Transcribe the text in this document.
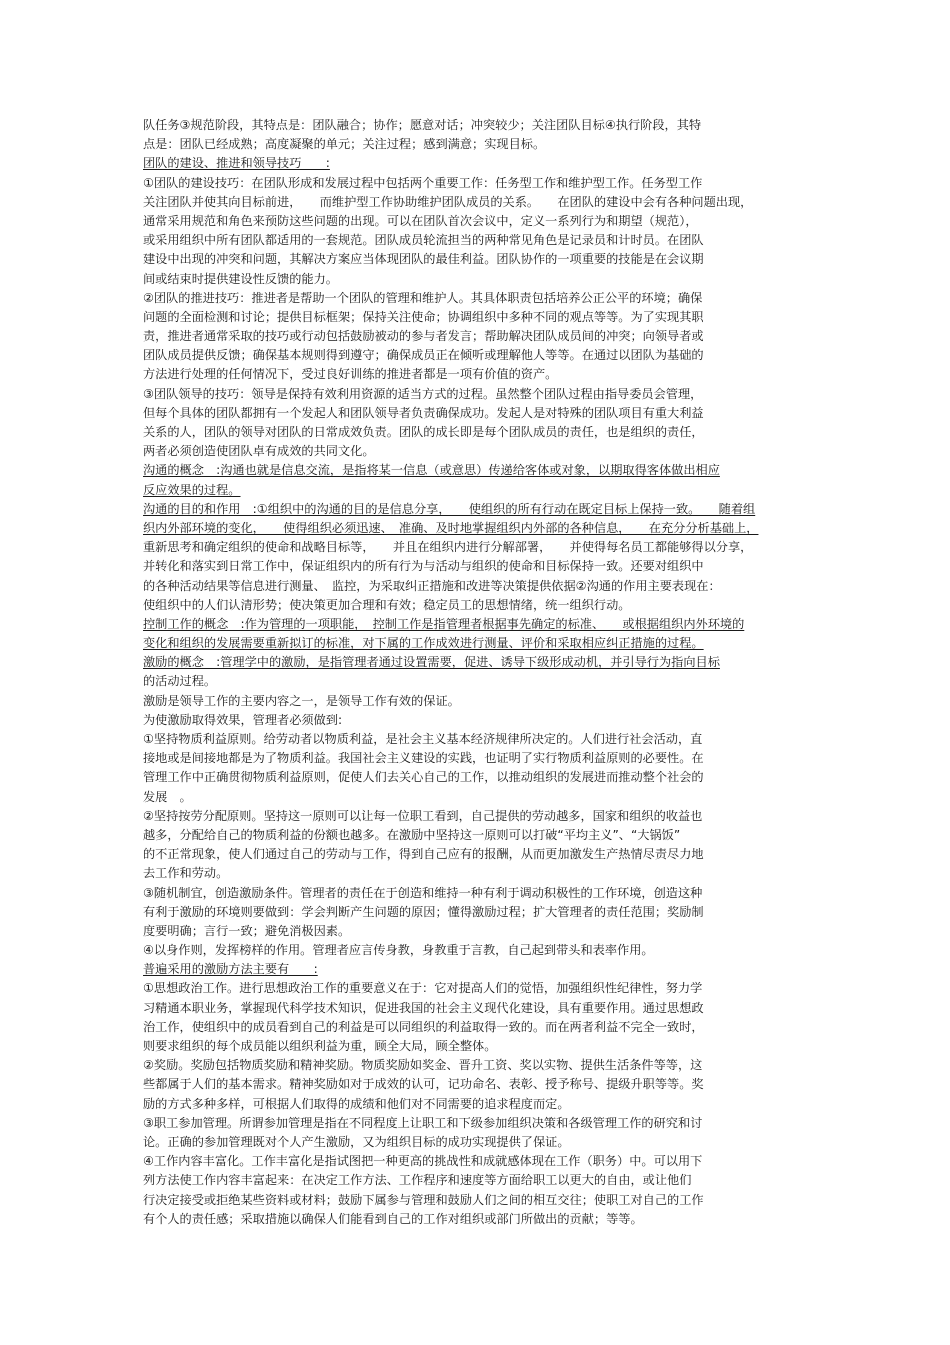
队任务③规范阶段，其特点是：团队融合；协作；愿意对话；冲突较少；关注团队目标④执行阶段，其特
点是：团队已经成熟；高度凝聚的单元；关注过程；感到满意；实现目标。
团队的建设、推进和领导技巧　　:
①团队的建设技巧：在团队形成和发展过程中包括两个重要工作：任务型工作和维护型工作。任务型工作
关注团队并使其向目标前进，　　而维护型工作协助维护团队成员的关系。　　在团队的建设中会有各种问题出现，
通常采用规范和角色来预防这些问题的出现。可以在团队首次会议中，定义一系列行为和期望（规范），
或采用组织中所有团队都适用的一套规范。团队成员轮流担当的两种常见角色是记录员和计时员。在团队
建设中出现的冲突和问题，其解决方案应当体现团队的最佳利益。团队协作的一项重要的技能是在会议期
间或结束时提供建设性反馈的能力。
②团队的推进技巧：推进者是帮助一个团队的管理和维护人。其具体职责包括培养公正公平的环境；确保
问题的全面检测和讨论；提供目标框架；保持关注使命；协调组织中多种不同的观点等等。为了实现其职
责，推进者通常采取的技巧或行动包括鼓励被动的参与者发言；帮助解决团队成员间的冲突；向领导者或
团队成员提供反馈；确保基本规则得到遵守；确保成员正在倾听或理解他人等等。在通过以团队为基础的
方法进行处理的任何情况下，受过良好训练的推进者都是一项有价值的资产。
③团队领导的技巧：领导是保持有效利用资源的适当方式的过程。虽然整个团队过程由指导委员会管理，
但每个具体的团队都拥有一个发起人和团队领导者负责确保成功。发起人是对特殊的团队项目有重大利益
关系的人，团队的领导对团队的日常成效负责。团队的成长即是每个团队成员的责任，也是组织的责任，
两者必须创造使团队卓有成效的共同文化。
沟通的概念　:沟通也就是信息交流，是指将某一信息（或意思）传递给客体或对象，以期取得客体做出相应
反应效果的过程。
沟通的目的和作用　:①组织中的沟通的目的是信息分享，　　使组织的所有行动在既定目标上保持一致。　　随着组
织内外部环境的变化，　　使得组织必须迅速、　准确、及时地掌握组织内外部的各种信息，　　在充分分析基础上，
重新思考和确定组织的使命和战略目标等，　　并且在组织内进行分解部署，　　并使得每名员工都能够得以分享，
并转化和落实到日常工作中，保证组织内的所有行为与活动与组织的使命和目标保持一致。还要对组织中
的各种活动结果等信息进行测量、　监控，为采取纠正措施和改进等决策提供依据②沟通的作用主要表现在：
使组织中的人们认清形势；使决策更加合理和有效；稳定员工的思想情绪，统一组织行动。
控制工作的概念　:作为管理的一项职能，　控制工作是指管理者根据事先确定的标准、　　或根据组织内外环境的
变化和组织的发展需要重新拟订的标准，对下属的工作成效进行测量、评价和采取相应纠正措施的过程。
激励的概念　:管理学中的激励，是指管理者通过设置需要，促进、诱导下级形成动机，并引导行为指向目标
的活动过程。
激励是领导工作的主要内容之一，是领导工作有效的保证。
为使激励取得效果，管理者必须做到:
①坚持物质利益原则。给劳动者以物质利益，是社会主义基本经济规律所决定的。人们进行社会活动，直
接地或是间接地都是为了物质利益。我国社会主义建设的实践，也证明了实行物质利益原则的必要性。在
管理工作中正确贯彻物质利益原则，促使人们去关心自己的工作，以推动组织的发展进而推动整个社会的
发展　。
②坚持按劳分配原则。坚持这一原则可以让每一位职工看到，自己提供的劳动越多，国家和组织的收益也
越多，分配给自己的物质利益的份额也越多。在激励中坚持这一原则可以打破“平均主义”、“大锅饭”
的不正常现象，使人们通过自己的劳动与工作，得到自己应有的报酬，从而更加激发生产热情尽责尽力地
去工作和劳动。
③随机制宜，创造激励条件。管理者的责任在于创造和维持一种有利于调动积极性的工作环境，创造这种
有利于激励的环境则要做到：学会判断产生问题的原因；懂得激励过程；扩大管理者的责任范围；奖励制
度要明确；言行一致；避免消极因素。
④以身作则，发挥榜样的作用。管理者应言传身教，身教重于言教，自己起到带头和表率作用。
普遍采用的激励方法主要有　　:
①思想政治工作。进行思想政治工作的重要意义在于：它对提高人们的觉悟，加强组织性纪律性，努力学
习精通本职业务，掌握现代科学技术知识，促进我国的社会主义现代化建设，具有重要作用。通过思想政
治工作，使组织中的成员看到自己的利益是可以同组织的利益取得一致的。而在两者利益不完全一致时，
则要求组织的每个成员能以组织利益为重，顾全大局，顾全整体。
②奖励。奖励包括物质奖励和精神奖励。物质奖励如奖金、晋升工资、奖以实物、提供生活条件等等，这
些都属于人们的基本需求。精神奖励如对于成效的认可，记功命名、表彰、授予称号、提级升职等等。奖
励的方式多种多样，可根据人们取得的成绩和他们对不同需要的追求程度而定。
③职工参加管理。所谓参加管理是指在不同程度上让职工和下级参加组织决策和各级管理工作的研究和讨
论。正确的参加管理既对个人产生激励，又为组织目标的成功实现提供了保证。
④工作内容丰富化。工作丰富化是指试图把一种更高的挑战性和成就感体现在工作（职务）中。可以用下
列方法使工作内容丰富起来：在决定工作方法、工作程序和速度等方面给职工以更大的自由，或让他们
行决定接受或拒绝某些资料或材料；鼓励下属参与管理和鼓励人们之间的相互交往；使职工对自己的工作
有个人的责任感；采取措施以确保人们能看到自己的工作对组织或部门所做出的贡献；等等。
